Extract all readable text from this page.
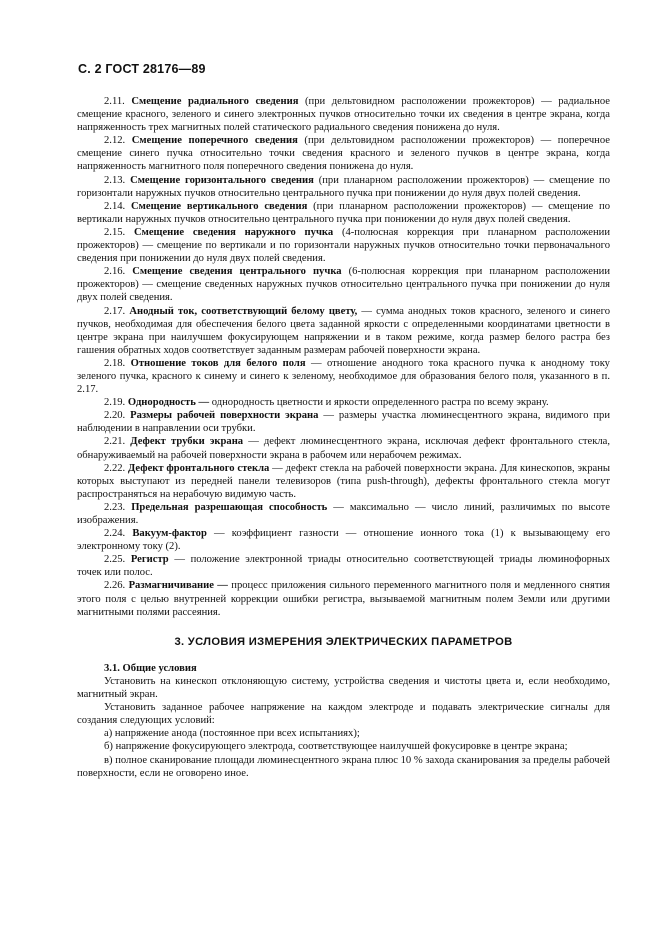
С. 2 ГОСТ 28176—89

2.11. Смещение радиального сведения (при дельтовидном расположении прожекторов) — радиальное смещение красного, зеленого и синего электронных пучков относительно точки их сведения в центре экрана, когда напряженность трех магнитных полей статического радиального сведения понижена до нуля.

2.12. Смещение поперечного сведения (при дельтовидном расположении прожекторов) — поперечное смещение синего пучка относительно точки сведения красного и зеленого пучков в центре экрана, когда напряженность магнитного поля поперечного сведения понижена до нуля.

2.13. Смещение горизонтального сведения (при планарном расположении прожекторов) — смещение по горизонтали наружных пучков относительно центрального пучка при понижении до нуля двух полей сведения.

2.14. Смещение вертикального сведения (при планарном расположении прожекторов) — смещение по вертикали наружных пучков относительно центрального пучка при понижении до нуля двух полей сведения.

2.15. Смещение сведения наружного пучка (4-полюсная коррекция при планарном расположении прожекторов) — смещение по вертикали и по горизонтали наружных пучков относительно точки первоначального сведения при понижении до нуля двух полей сведения.

2.16. Смещение сведения центрального пучка (6-полюсная коррекция при планарном расположении прожекторов) — смещение сведенных наружных пучков относительно центрального пучка при понижении до нуля двух полей сведения.

2.17. Анодный ток, соответствующий белому цвету, — сумма анодных токов красного, зеленого и синего пучков, необходимая для обеспечения белого цвета заданной яркости с определенными координатами цветности в центре экрана при наилучшем фокусирующем напряжении и в таком режиме, когда размер белого растра без гашения обратных ходов соответствует заданным размерам рабочей поверхности экрана.

2.18. Отношение токов для белого поля — отношение анодного тока красного пучка к анодному току зеленого пучка, красного к синему и синего к зеленому, необходимое для образования белого поля, указанного в п. 2.17.

2.19. Однородность — однородность цветности и яркости определенного растра по всему экрану.

2.20. Размеры рабочей поверхности экрана — размеры участка люминесцентного экрана, видимого при наблюдении в направлении оси трубки.

2.21. Дефект трубки экрана — дефект люминесцентного экрана, исключая дефект фронтального стекла, обнаруживаемый на рабочей поверхности экрана в рабочем или нерабочем режимах.

2.22. Дефект фронтального стекла — дефект стекла на рабочей поверхности экрана. Для кинескопов, экраны которых выступают из передней панели телевизоров (типа push-through), дефекты фронтального стекла могут распространяться на нерабочую видимую часть.

2.23. Предельная разрешающая способность — максимально — число линий, различимых по высоте изображения.

2.24. Вакуум-фактор — коэффициент газности — отношение ионного тока (1) к вызывающему его электронному току (2).

2.25. Регистр — положение электронной триады относительно соответствующей триады люминофорных точек или полос.

2.26. Размагничивание — процесс приложения сильного переменного магнитного поля и медленного снятия этого поля с целью внутренней коррекции ошибки регистра, вызываемой магнитным полем Земли или другими магнитными полями рассеяния.

3. УСЛОВИЯ ИЗМЕРЕНИЯ ЭЛЕКТРИЧЕСКИХ ПАРАМЕТРОВ

3.1. Общие условия

Установить на кинескоп отклоняющую систему, устройства сведения и чистоты цвета и, если необходимо, магнитный экран.

Установить заданное рабочее напряжение на каждом электроде и подавать электрические сигналы для создания следующих условий:

а) напряжение анода (постоянное при всех испытаниях);

б) напряжение фокусирующего электрода, соответствующее наилучшей фокусировке в центре экрана;

в) полное сканирование площади люминесцентного экрана плюс 10 % захода сканирования за пределы рабочей поверхности, если не оговорено иное.
